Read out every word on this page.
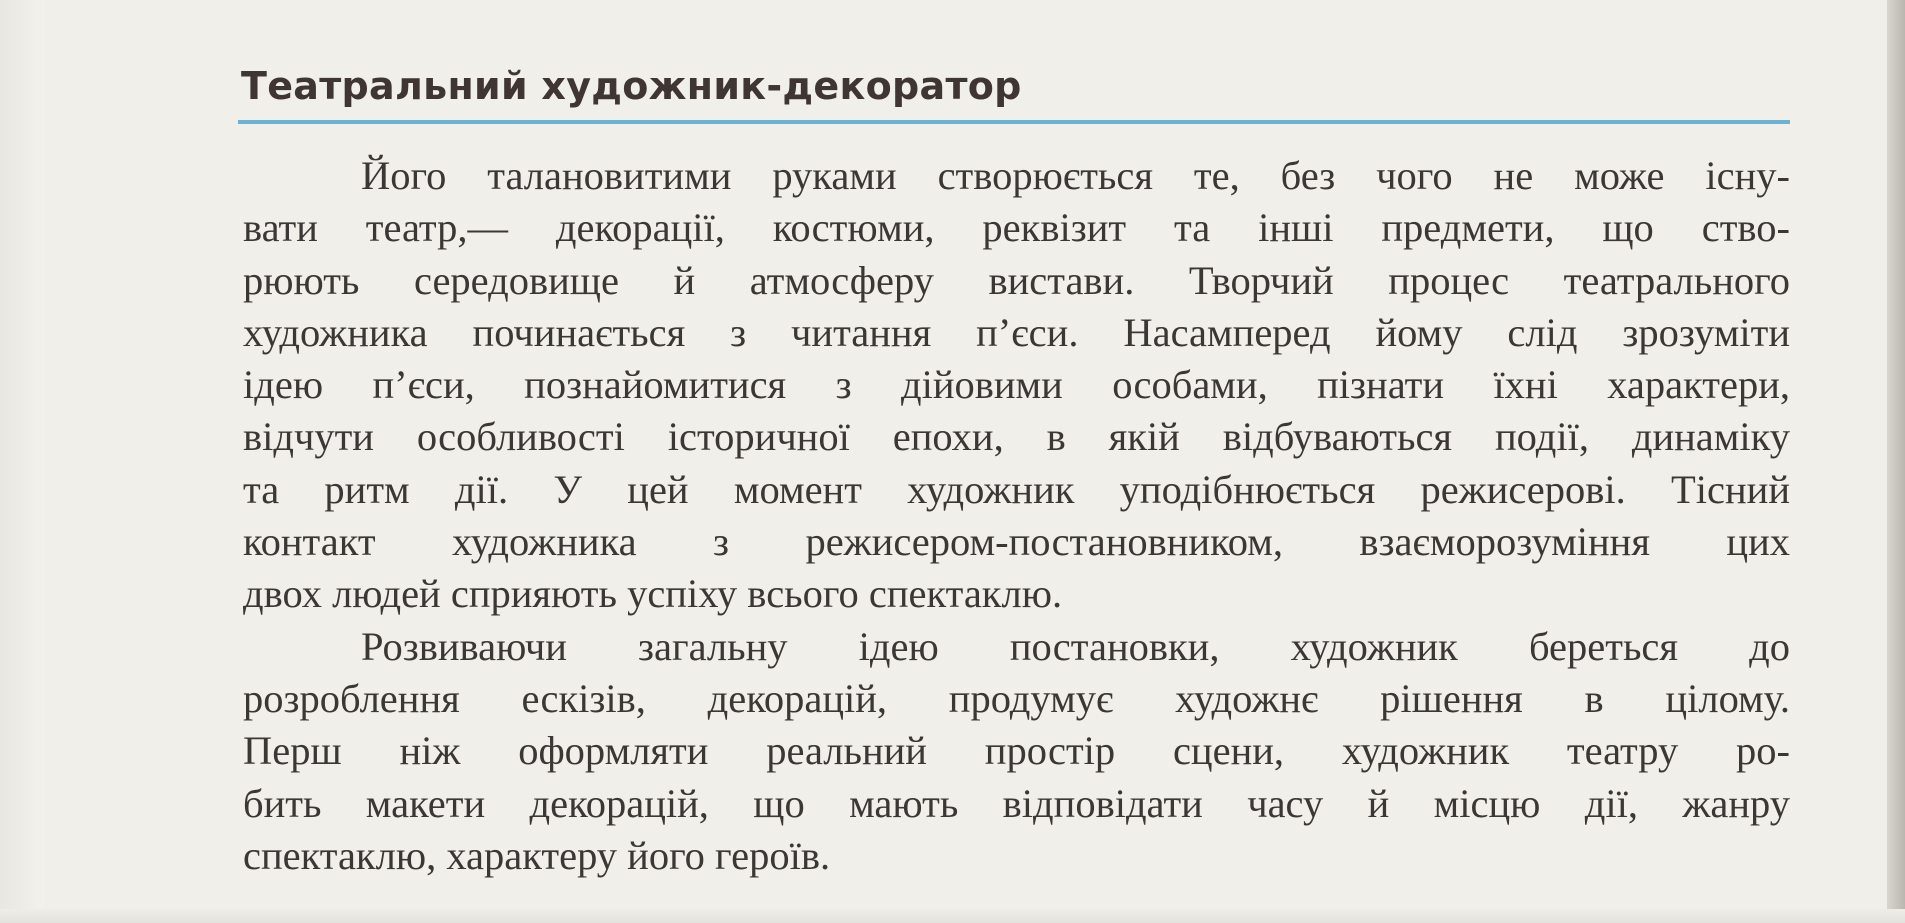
Театральний художник-декоратор
Його талановитими руками створюється те, без чого не може існу-
вати театр,— декорації, костюми, реквізит та інші предмети, що ство-
рюють середовище й атмосферу вистави. Творчий процес театрального
художника починається з читання п’єси. Насамперед йому слід зрозуміти
ідею п’єси, познайомитися з дійовими особами, пізнати їхні характери,
відчути особливості історичної епохи, в якій відбуваються події, динаміку
та ритм дії. У цей момент художник уподібнюється режисерові. Тісний
контакт художника з режисером-постановником, взаєморозуміння цих
двох людей сприяють успіху всього спектаклю.
Розвиваючи загальну ідею постановки, художник береться до
розроблення ескізів, декорацій, продумує художнє рішення в цілому.
Перш ніж оформляти реальний простір сцени, художник театру ро-
бить макети декорацій, що мають відповідати часу й місцю дії, жанру
спектаклю, характеру його героїв.
